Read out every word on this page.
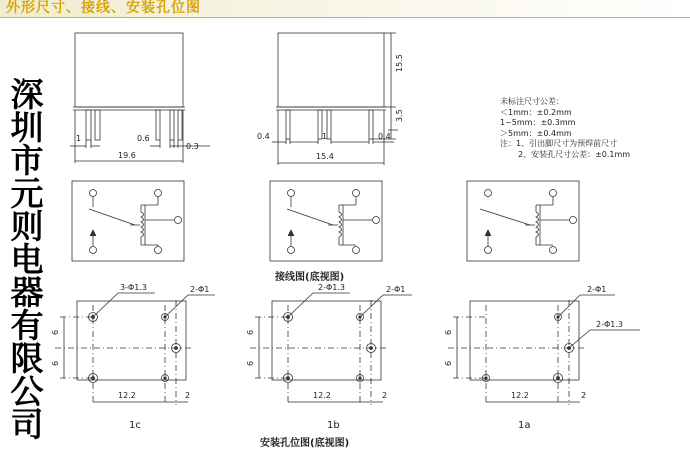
外形尺寸、接线、安装孔位图
深
圳
市
元
则
电
器
有
限
公
司
1	0.6
0.3
19.6
0.4	1	0.4
15.4
15.5
3.5
接线图(底视图)
安装孔位图(底视图)
3-Φ1.3	2-Φ1
6
6
12.2	2
1c
2-Φ1.3	2-Φ1
6
6
12.2	2
1b
2-Φ1
2-Φ1.3
6
6
12.2	2
1a
未标注尺寸公差：
＜1mm：±0.2mm
1~5mm：±0.3mm
＞5mm：±0.4mm
注：1、引出脚尺寸为预焊前尺寸
2、安装孔尺寸公差：±0.1mm
